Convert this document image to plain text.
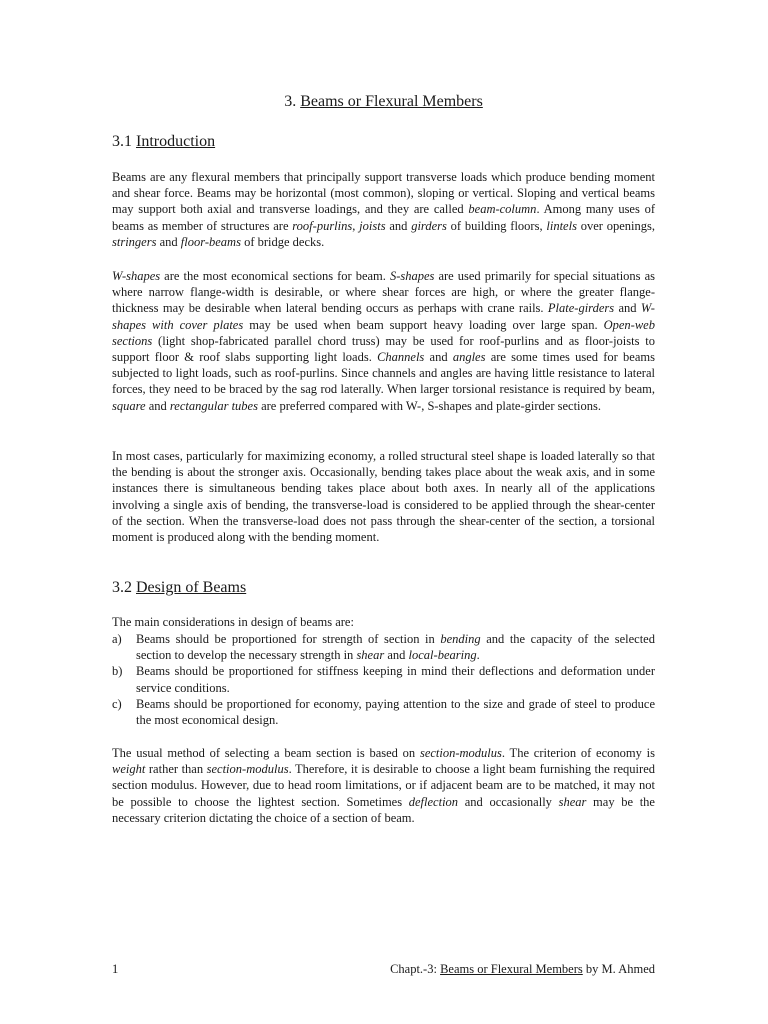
3. Beams or Flexural Members
3.1 Introduction

Beams are any flexural members that principally support transverse loads which produce bending moment and shear force. Beams may be horizontal (most common), sloping or vertical. Sloping and vertical beams may support both axial and transverse loadings, and they are called beam-column. Among many uses of beams as member of structures are roof-purlins, joists and girders of building floors, lintels over openings, stringers and floor-beams of bridge decks.

W-shapes are the most economical sections for beam. S-shapes are used primarily for special situations as where narrow flange-width is desirable, or where shear forces are high, or where the greater flange-thickness may be desirable when lateral bending occurs as perhaps with crane rails. Plate-girders and W-shapes with cover plates may be used when beam support heavy loading over large span. Open-web sections (light shop-fabricated parallel chord truss) may be used for roof-purlins and as floor-joists to support floor & roof slabs supporting light loads. Channels and angles are some times used for beams subjected to light loads, such as roof-purlins. Since channels and angles are having little resistance to lateral forces, they need to be braced by the sag rod laterally. When larger torsional resistance is required by beam, square and rectangular tubes are preferred compared with W-, S-shapes and plate-girder sections.

In most cases, particularly for maximizing economy, a rolled structural steel shape is loaded laterally so that the bending is about the stronger axis. Occasionally, bending takes place about the weak axis, and in some instances there is simultaneous bending takes place about both axes. In nearly all of the applications involving a single axis of bending, the transverse-load is considered to be applied through the shear-center of the section. When the transverse-load does not pass through the shear-center of the section, a torsional moment is produced along with the bending moment.

3.2 Design of Beams

The main considerations in design of beams are:

a) Beams should be proportioned for strength of section in bending and the capacity of the selected section to develop the necessary strength in shear and local-bearing.
b) Beams should be proportioned for stiffness keeping in mind their deflections and deformation under service conditions.
c) Beams should be proportioned for economy, paying attention to the size and grade of steel to produce the most economical design.

The usual method of selecting a beam section is based on section-modulus. The criterion of economy is weight rather than section-modulus. Therefore, it is desirable to choose a light beam furnishing the required section modulus. However, due to head room limitations, or if adjacent beam are to be matched, it may not be possible to choose the lightest section. Sometimes deflection and occasionally shear may be the necessary criterion dictating the choice of a section of beam.

1	Chapt.-3: Beams or Flexural Members by M. Ahmed
